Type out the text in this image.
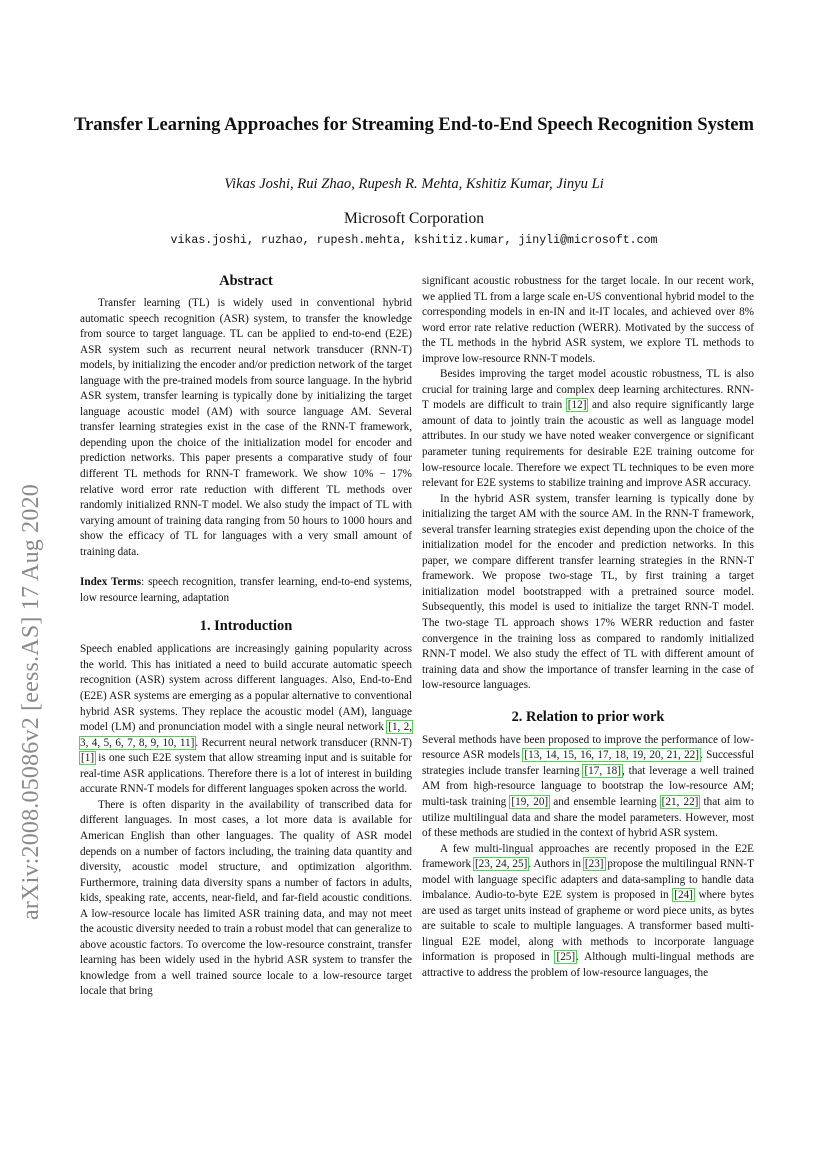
arXiv:2008.05086v2 [eess.AS] 17 Aug 2020
Transfer Learning Approaches for Streaming End-to-End Speech Recognition System
Vikas Joshi, Rui Zhao, Rupesh R. Mehta, Kshitiz Kumar, Jinyu Li
Microsoft Corporation
vikas.joshi, ruzhao, rupesh.mehta, kshitiz.kumar, jinyli@microsoft.com
Abstract

Transfer learning (TL) is widely used in conventional hybrid automatic speech recognition (ASR) system, to transfer the knowledge from source to target language. TL can be applied to end-to-end (E2E) ASR system such as recurrent neural network transducer (RNN-T) models, by initializing the encoder and/or prediction network of the target language with the pre-trained models from source language. In the hybrid ASR system, transfer learning is typically done by initializing the target language acoustic model (AM) with source language AM. Several transfer learning strategies exist in the case of the RNN-T framework, depending upon the choice of the initialization model for encoder and prediction networks. This paper presents a comparative study of four different TL methods for RNN-T framework. We show 10% − 17% relative word error rate reduction with different TL methods over randomly initialized RNN-T model. We also study the impact of TL with varying amount of training data ranging from 50 hours to 1000 hours and show the efficacy of TL for languages with a very small amount of training data.

Index Terms: speech recognition, transfer learning, end-to-end systems, low resource learning, adaptation

1. Introduction

Speech enabled applications are increasingly gaining popularity across the world. This has initiated a need to build accurate automatic speech recognition (ASR) system across different languages. Also, End-to-End (E2E) ASR systems are emerging as a popular alternative to conventional hybrid ASR systems. They replace the acoustic model (AM), language model (LM) and pronunciation model with a single neural network [1, 2, 3, 4, 5, 6, 7, 8, 9, 10, 11]. Recurrent neural network transducer (RNN-T) [1] is one such E2E system that allow streaming input and is suitable for real-time ASR applications. Therefore there is a lot of interest in building accurate RNN-T models for different languages spoken across the world.

There is often disparity in the availability of transcribed data for different languages. In most cases, a lot more data is available for American English than other languages. The quality of ASR model depends on a number of factors including, the training data quantity and diversity, acoustic model structure, and optimization algorithm. Furthermore, training data diversity spans a number of factors in adults, kids, speaking rate, accents, near-field, and far-field acoustic conditions. A low-resource locale has limited ASR training data, and may not meet the acoustic diversity needed to train a robust model that can generalize to above acoustic factors. To overcome the low-resource constraint, transfer learning has been widely used in the hybrid ASR system to transfer the knowledge from a well trained source locale to a low-resource target locale that bring

significant acoustic robustness for the target locale. In our recent work, we applied TL from a large scale en-US conventional hybrid model to the corresponding models in en-IN and it-IT locales, and achieved over 8% word error rate relative reduction (WERR). Motivated by the success of the TL methods in the hybrid ASR system, we explore TL methods to improve low-resource RNN-T models.

Besides improving the target model acoustic robustness, TL is also crucial for training large and complex deep learning architectures. RNN-T models are difficult to train [12] and also require significantly large amount of data to jointly train the acoustic as well as language model attributes. In our study we have noted weaker convergence or significant parameter tuning requirements for desirable E2E training outcome for low-resource locale. Therefore we expect TL techniques to be even more relevant for E2E systems to stabilize training and improve ASR accuracy.

In the hybrid ASR system, transfer learning is typically done by initializing the target AM with the source AM. In the RNN-T framework, several transfer learning strategies exist depending upon the choice of the initialization model for the encoder and prediction networks. In this paper, we compare different transfer learning strategies in the RNN-T framework. We propose two-stage TL, by first training a target initialization model bootstrapped with a pretrained source model. Subsequently, this model is used to initialize the target RNN-T model. The two-stage TL approach shows 17% WERR reduction and faster convergence in the training loss as compared to randomly initialized RNN-T model. We also study the effect of TL with different amount of training data and show the importance of transfer learning in the case of low-resource languages.

2. Relation to prior work

Several methods have been proposed to improve the performance of low-resource ASR models [13, 14, 15, 16, 17, 18, 19, 20, 21, 22]. Successful strategies include transfer learning [17, 18], that leverage a well trained AM from high-resource language to bootstrap the low-resource AM; multi-task training [19, 20] and ensemble learning [21, 22] that aim to utilize multilingual data and share the model parameters. However, most of these methods are studied in the context of hybrid ASR system.

A few multi-lingual approaches are recently proposed in the E2E framework [23, 24, 25]. Authors in [23] propose the multilingual RNN-T model with language specific adapters and data-sampling to handle data imbalance. Audio-to-byte E2E system is proposed in [24] where bytes are used as target units instead of grapheme or word piece units, as bytes are suitable to scale to multiple languages. A transformer based multi-lingual E2E model, along with methods to incorporate language information is proposed in [25]. Although multi-lingual methods are attractive to address the problem of low-resource languages, the
